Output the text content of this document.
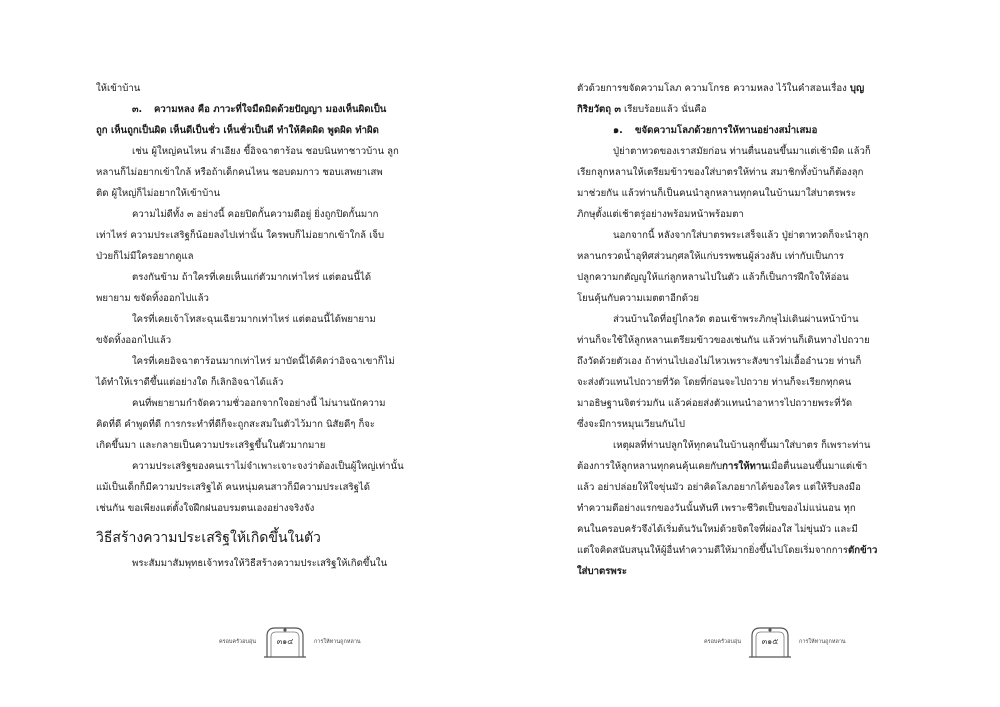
ให้เข้าบ้าน

๓. ความหลง คือ ภาวะที่ใจมืดมิดด้วยปัญญา มองเห็นผิดเป็น

ถูก เห็นถูกเป็นผิด เห็นดีเป็นชั่ว เห็นชั่วเป็นดี ทำให้คิดผิด พูดผิด ทำผิด

เช่น ผู้ใหญ่คนไหน ลำเอียง ขี้อิจฉาตาร้อน ชอบนินทาชาวบ้าน ลูก

หลานก็ไม่อยากเข้าใกล้ หรือถ้าเด็กคนไหน ชอบดมกาว ชอบเสพยาเสพ

ติด ผู้ใหญ่ก็ไม่อยากให้เข้าบ้าน

ความไม่ดีทั้ง ๓ อย่างนี้ คอยปิดกั้นความดีอยู่ ยิ่งถูกปิดกั้นมาก

เท่าไหร่ ความประเสริฐก็น้อยลงไปเท่านั้น ใครพบก็ไม่อยากเข้าใกล้ เจ็บ

ป่วยก็ไม่มีใครอยากดูแล

ตรงกันข้าม ถ้าใครที่เคยเห็นแก่ตัวมากเท่าไหร่ แต่ตอนนี้ได้

พยายาม ขจัดทิ้งออกไปแล้ว

ใครที่เคยเจ้าโทสะฉุนเฉียวมากเท่าไหร่ แต่ตอนนี้ได้พยายาม

ขจัดทิ้งออกไปแล้ว

ใครที่เคยอิจฉาตาร้อนมากเท่าไหร่ มาบัดนี้ได้คิดว่าอิจฉาเขาก็ไม่

ได้ทำให้เราดีขึ้นแต่อย่างใด ก็เลิกอิจฉาได้แล้ว

คนที่พยายามกำจัดความชั่วออกจากใจอย่างนี้ ไม่นานนักความ

คิดที่ดี คำพูดที่ดี การกระทำที่ดีก็จะถูกสะสมในตัวไว้มาก นิสัยดีๆ ก็จะ

เกิดขึ้นมา และกลายเป็นความประเสริฐขึ้นในตัวมากมาย

ความประเสริฐของคนเราไม่จำเพาะเจาะจงว่าต้องเป็นผู้ใหญ่เท่านั้น

แม้เป็นเด็กก็มีความประเสริฐได้ คนหนุ่มคนสาวก็มีความประเสริฐได้

เช่นกัน ขอเพียงแต่ตั้งใจฝึกฝนอบรมตนเองอย่างจริงจัง

วิธีสร้างความประเสริฐให้เกิดขึ้นในตัว

พระสัมมาสัมพุทธเจ้าทรงให้วิธีสร้างความประเสริฐให้เกิดขึ้นใน

ตัวด้วยการขจัดความโลภ ความโกรธ ความหลง ไว้ในคำสอนเรื่อง บุญ

กิริยวัตถุ ๓ เรียบร้อยแล้ว นั่นคือ

๑. ขจัดความโลภด้วยการให้ทานอย่างสม่ำเสมอ

ปู่ย่าตาทวดของเราสมัยก่อน ท่านตื่นนอนขึ้นมาแต่เช้ามืด แล้วก็

เรียกลูกหลานให้เตรียมข้าวของใส่บาตรให้ท่าน สมาชิกทั้งบ้านก็ต้องลุก

มาช่วยกัน แล้วท่านก็เป็นคนนำลูกหลานทุกคนในบ้านมาใส่บาตรพระ

ภิกษุตั้งแต่เช้าตรู่อย่างพร้อมหน้าพร้อมตา

นอกจากนี้ หลังจากใส่บาตรพระเสร็จแล้ว ปู่ย่าตาทวดก็จะนำลูก

หลานกรวดน้ำอุทิศส่วนกุศลให้แก่บรรพชนผู้ล่วงลับ เท่ากับเป็นการ

ปลูกความกตัญญูให้แก่ลูกหลานไปในตัว แล้วก็เป็นการฝึกใจให้อ่อน

โยนคุ้นกับความเมตตาอีกด้วย

ส่วนบ้านใดที่อยู่ไกลวัด ตอนเช้าพระภิกษุไม่เดินผ่านหน้าบ้าน

ท่านก็จะใช้ให้ลูกหลานเตรียมข้าวของเช่นกัน แล้วท่านก็เดินทางไปถวาย

ถึงวัดด้วยตัวเอง ถ้าท่านไปเองไม่ไหวเพราะสังขารไม่เอื้ออำนวย ท่านก็

จะส่งตัวแทนไปถวายที่วัด โดยที่ก่อนจะไปถวาย ท่านก็จะเรียกทุกคน

มาอธิษฐานจิตร่วมกัน แล้วค่อยส่งตัวแทนนำอาหารไปถวายพระที่วัด

ซึ่งจะมีการหมุนเวียนกันไป

เหตุผลที่ท่านปลูกให้ทุกคนในบ้านลุกขึ้นมาใส่บาตร ก็เพราะท่าน

ต้องการให้ลูกหลานทุกคนคุ้นเคยกับการให้ทานเมื่อตื่นนอนขึ้นมาแต่เช้า

แล้ว อย่าปล่อยให้ใจขุ่นมัว อย่าคิดโลภอยากได้ของใคร แต่ให้รีบลงมือ

ทำความดีอย่างแรกของวันนั้นทันที เพราะชีวิตเป็นของไม่แน่นอน ทุก

คนในครอบครัวจึงได้เริ่มต้นวันใหม่ด้วยจิตใจที่ผ่องใส ไม่ขุ่นมัว และมี

แต่ใจคิดสนับสนุนให้ผู้อื่นทำความดีให้มากยิ่งขึ้นไปโดยเริ่มจากการตักข้าว

ใส่บาตรพระ

ครอบครัวอบอุ่น	๓๑๔	การให้ทานถูกหลาน	ครอบครัวอบอุ่น	๓๑๕	การให้ทานถูกหลาน
